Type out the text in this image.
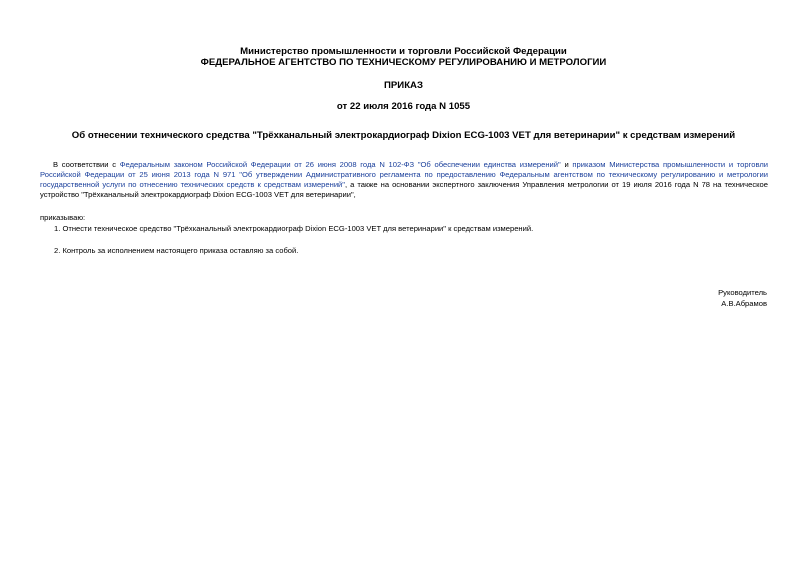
Министерство промышленности и торговли Российской Федерации
ФЕДЕРАЛЬНОЕ АГЕНТСТВО ПО ТЕХНИЧЕСКОМУ РЕГУЛИРОВАНИЮ И МЕТРОЛОГИИ
ПРИКАЗ
от 22 июля 2016 года N 1055
Об отнесении технического средства "Трёхканальный электрокардиограф Dixion ECG-1003 VET для ветеринарии" к средствам измерений
В соответствии с Федеральным законом Российской Федерации от 26 июня 2008 года N 102-ФЗ "Об обеспечении единства измерений" и приказом Министерства промышленности и торговли Российской Федерации от 25 июня 2013 года N 971 "Об утверждении Административного регламента по предоставлению Федеральным агентством по техническому регулированию и метрологии государственной услуги по отнесению технических средств к средствам измерений", а также на основании экспертного заключения Управления метрологии от 19 июля 2016 года N 78 на техническое устройство "Трёхканальный электрокардиограф Dixion ECG-1003 VET для ветеринарии",
приказываю:
1. Отнести техническое средство "Трёхканальный электрокардиограф Dixion ECG-1003 VET для ветеринарии" к средствам измерений.
2. Контроль за исполнением настоящего приказа оставляю за собой.
Руководитель
А.В.Абрамов
